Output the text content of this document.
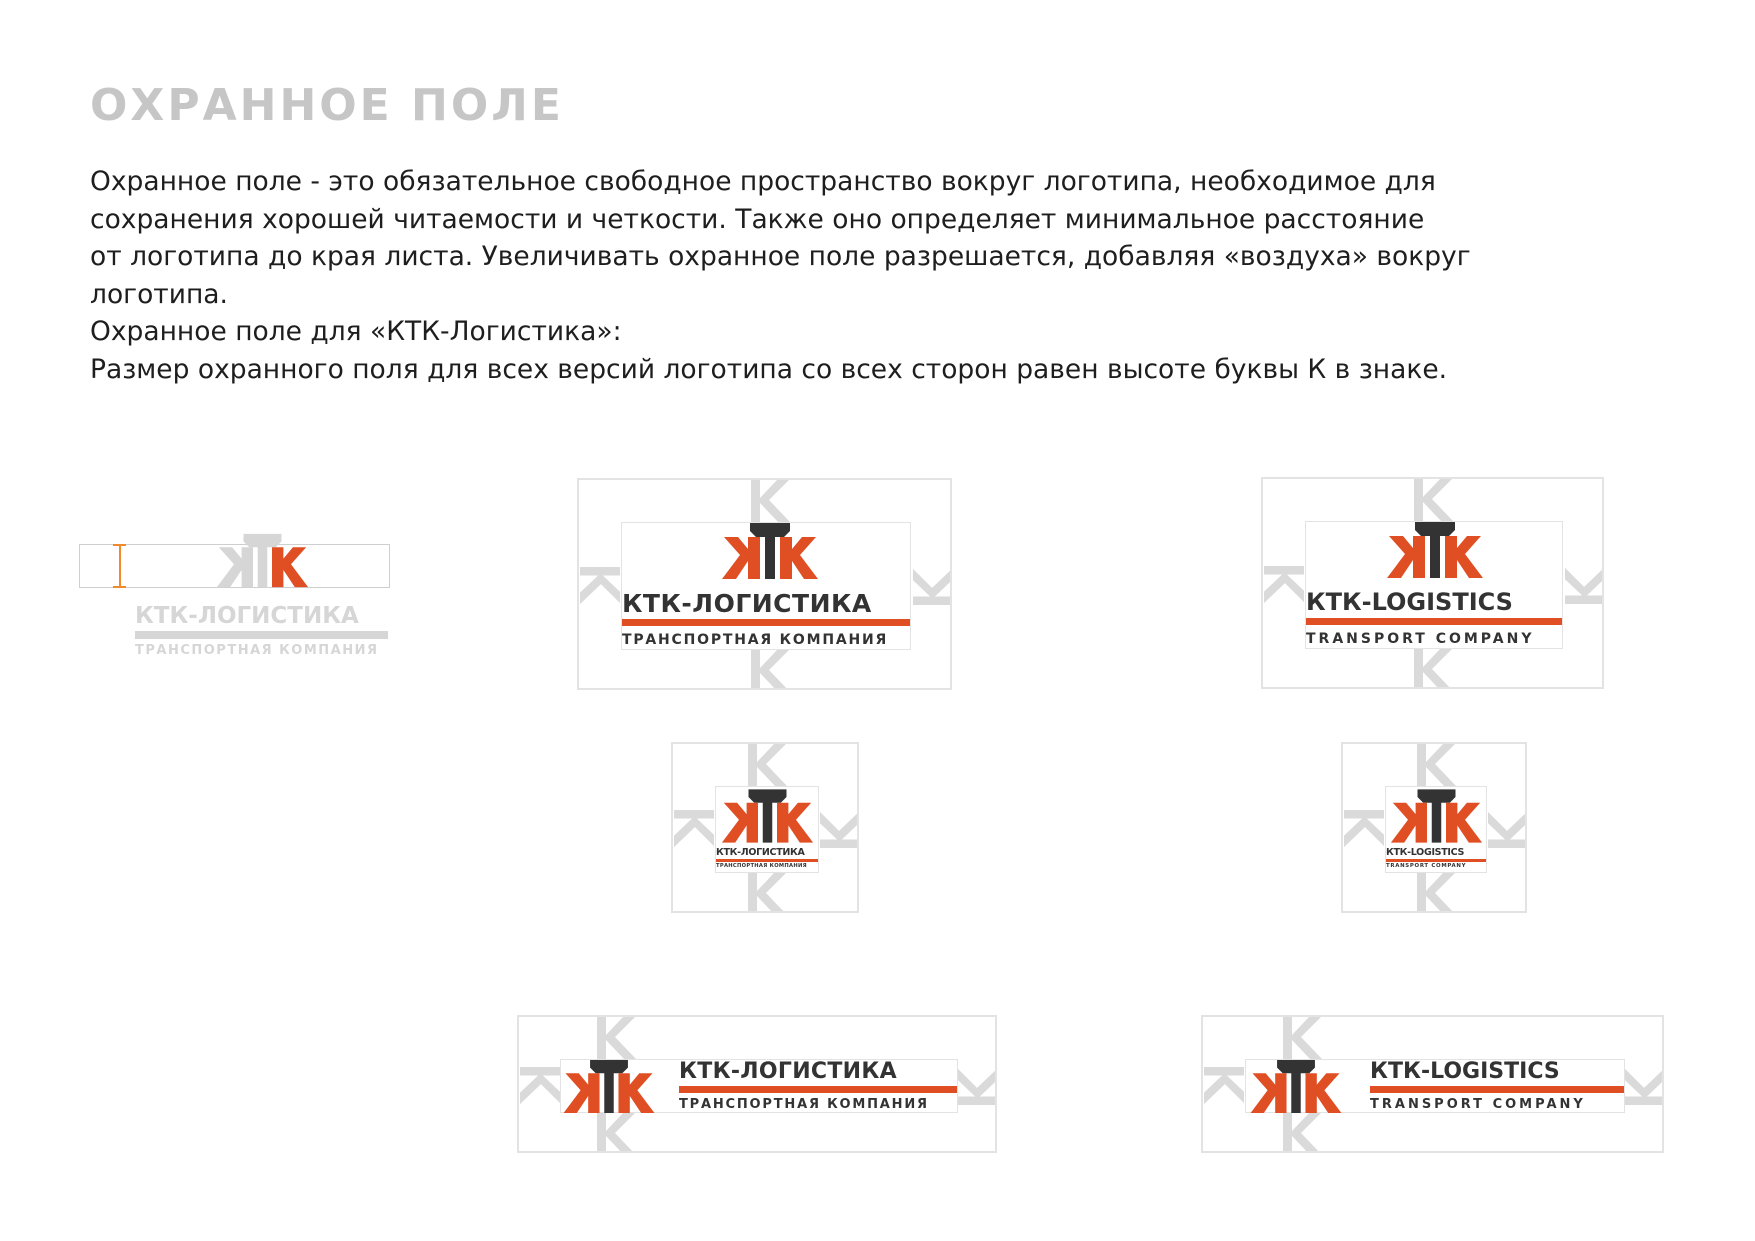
ОХРАННОЕ ПОЛЕ

Охранное поле - это обязательное свободное пространство вокруг логотипа, необходимое для

сохранения хорошей читаемости и четкости. Также оно определяет минимальное расстояние

от логотипа до края листа. Увеличивать охранное поле разрешается, добавляя «воздуха» вокруг

логотипа.

Охранное поле для «КТК-Логистика»:

Размер охранного поля для всех версий логотипа со всех сторон равен высоте буквы К в знаке.

КТК-ЛОГИСТИКА
ТРАНСПОРТНАЯ КОМПАНИЯ
КТК-ЛОГИСТИКА
ТРАНСПОРТНАЯ КОМПАНИЯ
КТК-LOGISTICS
TRANSPORT COMPANY
КТК-ЛОГИСТИКА
ТРАНСПОРТНАЯ КОМПАНИЯ
КТК-LOGISTICS
TRANSPORT COMPANY
КТК-ЛОГИСТИКА
ТРАНСПОРТНАЯ КОМПАНИЯ
КТК-LOGISTICS
TRANSPORT COMPANY
